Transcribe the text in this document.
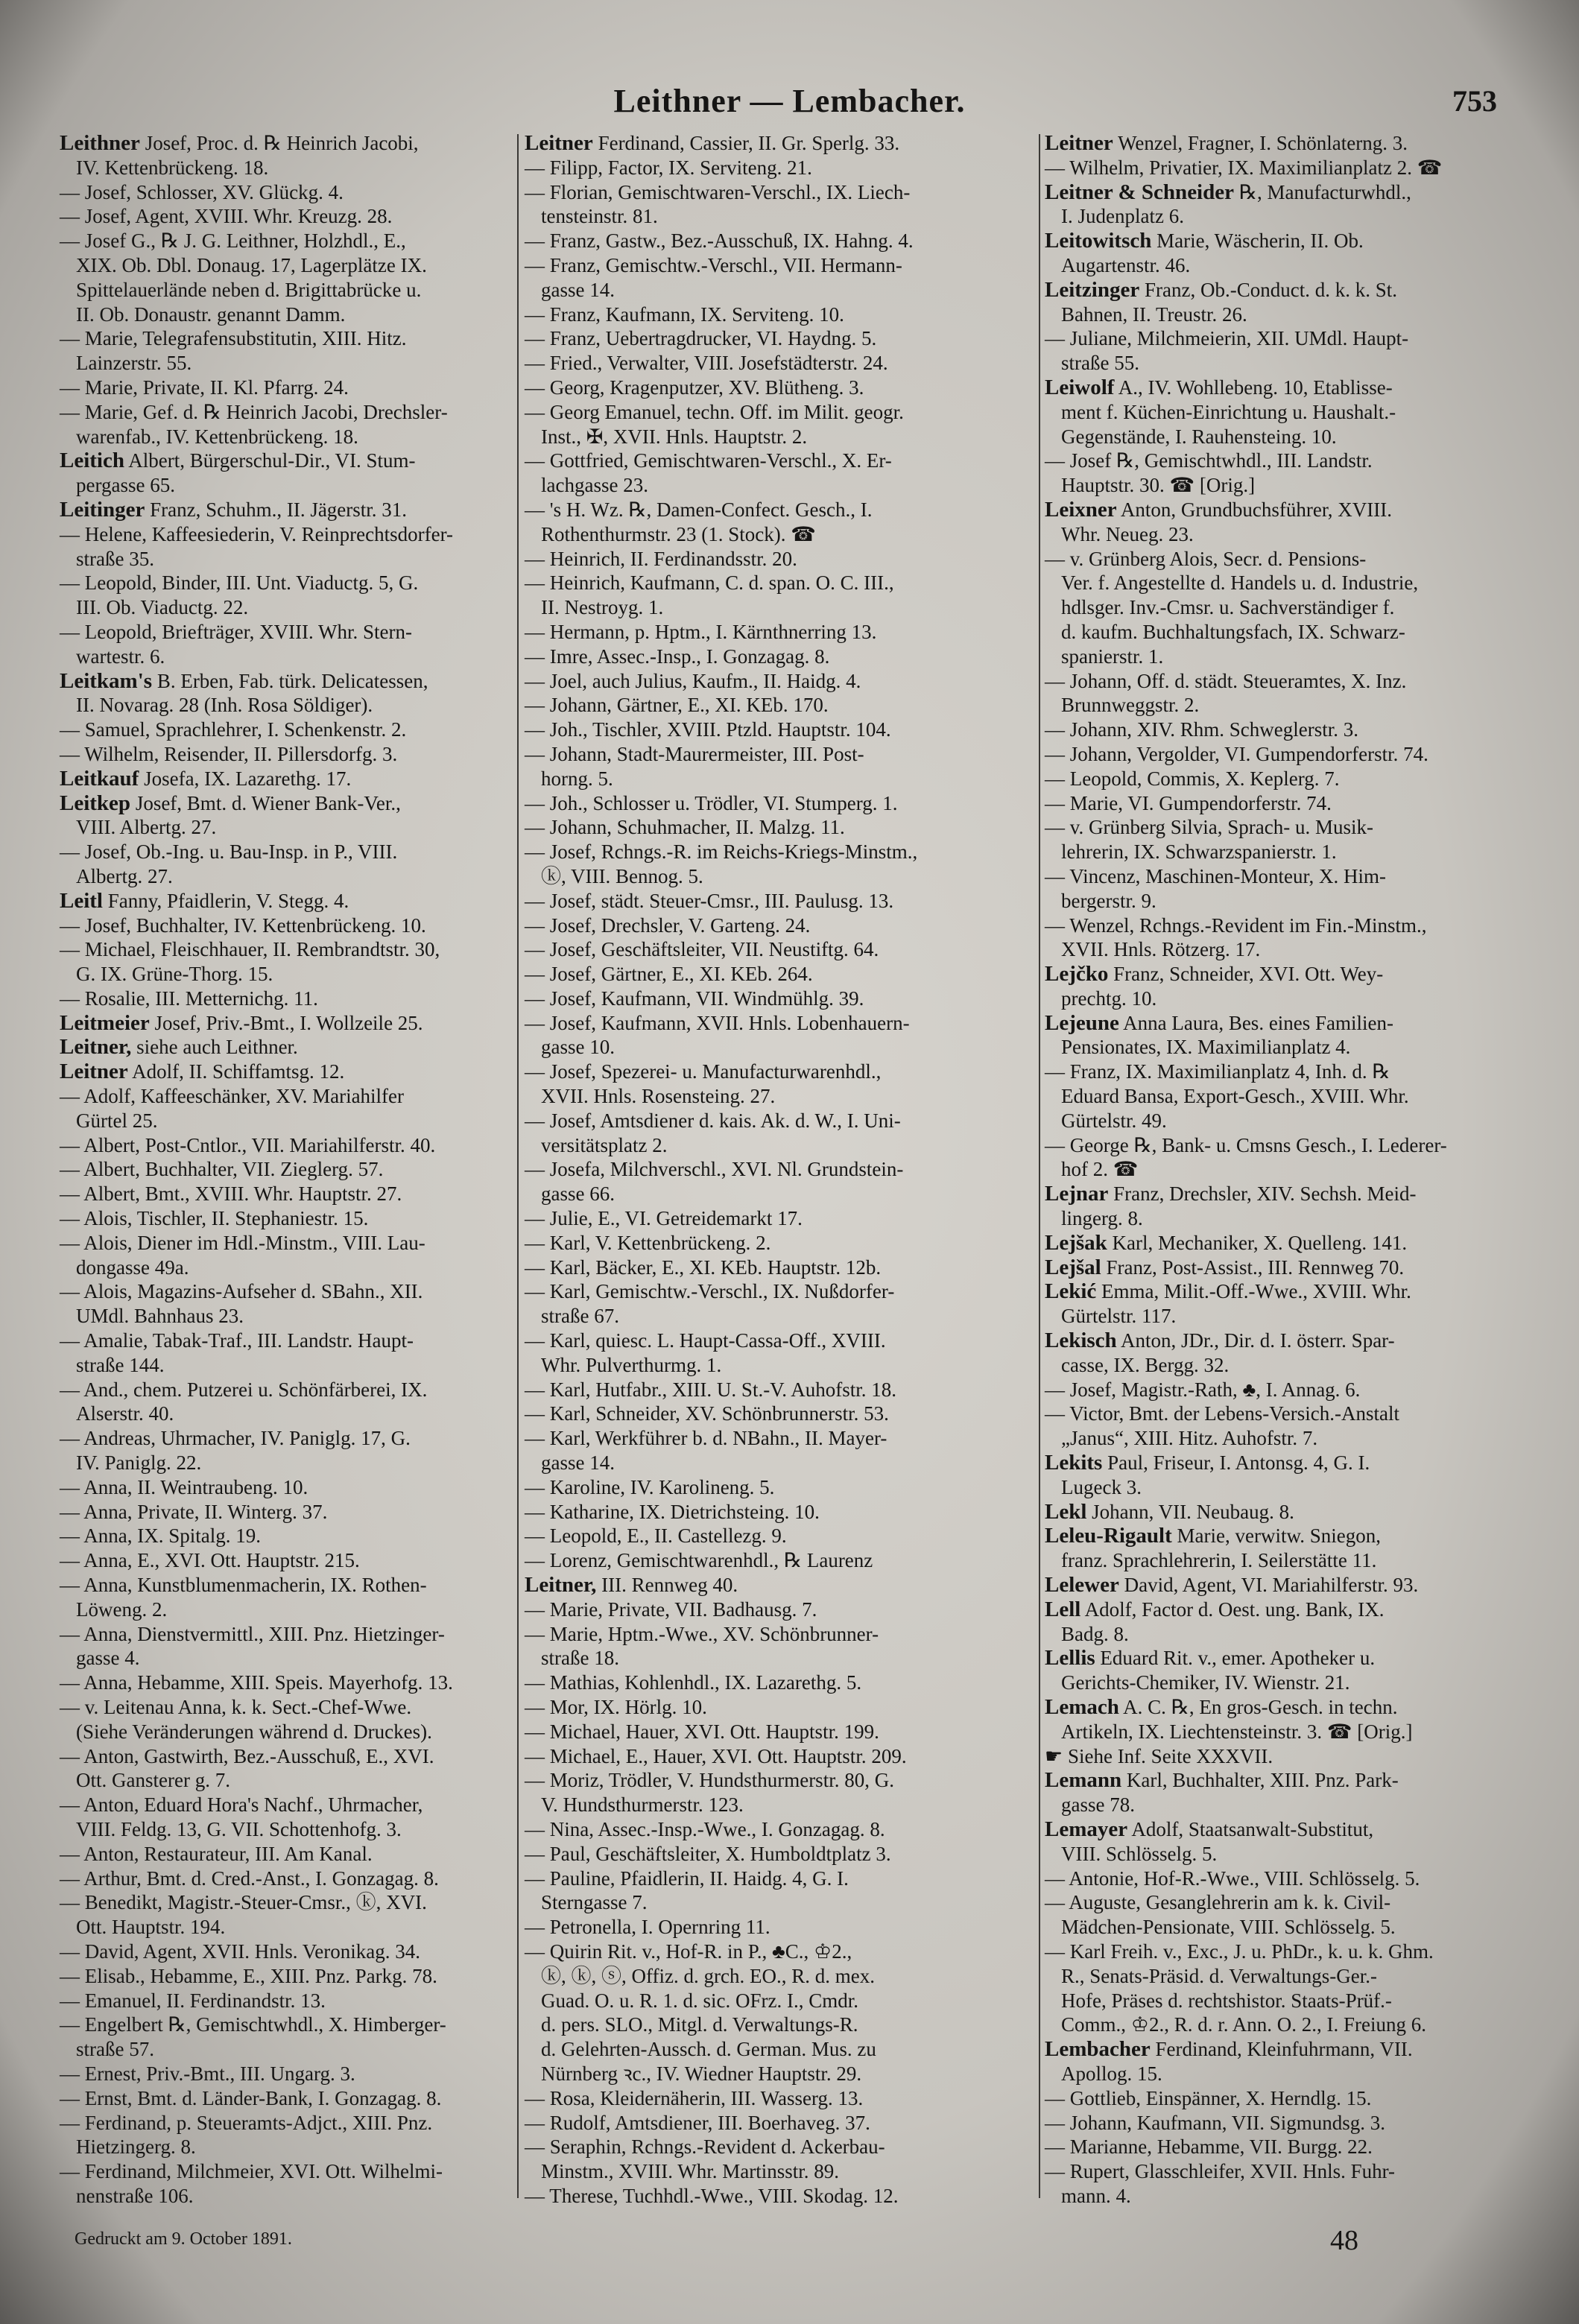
Leithner — Lembacher.	753
Leithner Josef, Proc. d. ℞ Heinrich Jacobi,
IV. Kettenbrückeng. 18.
— Josef, Schlosser, XV. Glückg. 4.
— Josef, Agent, XVIII. Whr. Kreuzg. 28.
— Josef G., ℞ J. G. Leithner, Holzhdl., E.,
XIX. Ob. Dbl. Donaug. 17, Lagerplätze IX.
Spittelauerlände neben d. Brigittabrücke u.
II. Ob. Donaustr. genannt Damm.
— Marie, Telegrafensubstitutin, XIII. Hitz.
Lainzerstr. 55.
— Marie, Private, II. Kl. Pfarrg. 24.
— Marie, Gef. d. ℞ Heinrich Jacobi, Drechsler-
warenfab., IV. Kettenbrückeng. 18.
Leitich Albert, Bürgerschul-Dir., VI. Stum-
pergasse 65.
Leitinger Franz, Schuhm., II. Jägerstr. 31.
— Helene, Kaffeesiederin, V. Reinprechtsdorfer-
straße 35.
— Leopold, Binder, III. Unt. Viaductg. 5, G.
III. Ob. Viaductg. 22.
— Leopold, Briefträger, XVIII. Whr. Stern-
wartestr. 6.
Leitkam's B. Erben, Fab. türk. Delicatessen,
II. Novarag. 28 (Inh. Rosa Söldiger).
— Samuel, Sprachlehrer, I. Schenkenstr. 2.
— Wilhelm, Reisender, II. Pillersdorfg. 3.
Leitkauf Josefa, IX. Lazarethg. 17.
Leitkep Josef, Bmt. d. Wiener Bank-Ver.,
VIII. Albertg. 27.
— Josef, Ob.-Ing. u. Bau-Insp. in P., VIII.
Albertg. 27.
Leitl Fanny, Pfaidlerin, V. Stegg. 4.
— Josef, Buchhalter, IV. Kettenbrückeng. 10.
— Michael, Fleischhauer, II. Rembrandtstr. 30,
G. IX. Grüne-Thorg. 15.
— Rosalie, III. Metternichg. 11.
Leitmeier Josef, Priv.-Bmt., I. Wollzeile 25.
Leitner, siehe auch Leithner.
Leitner Adolf, II. Schiffamtsg. 12.
— Adolf, Kaffeeschänker, XV. Mariahilfer
Gürtel 25.
— Albert, Post-Cntlor., VII. Mariahilferstr. 40.
— Albert, Buchhalter, VII. Zieglerg. 57.
— Albert, Bmt., XVIII. Whr. Hauptstr. 27.
— Alois, Tischler, II. Stephaniestr. 15.
— Alois, Diener im Hdl.-Minstm., VIII. Lau-
dongasse 49a.
— Alois, Magazins-Aufseher d. SBahn., XII.
UMdl. Bahnhaus 23.
— Amalie, Tabak-Traf., III. Landstr. Haupt-
straße 144.
— And., chem. Putzerei u. Schönfärberei, IX.
Alserstr. 40.
— Andreas, Uhrmacher, IV. Paniglg. 17, G.
IV. Paniglg. 22.
— Anna, II. Weintraubeng. 10.
— Anna, Private, II. Winterg. 37.
— Anna, IX. Spitalg. 19.
— Anna, E., XVI. Ott. Hauptstr. 215.
— Anna, Kunstblumenmacherin, IX. Rothen-
Löweng. 2.
— Anna, Dienstvermittl., XIII. Pnz. Hietzinger-
gasse 4.
— Anna, Hebamme, XIII. Speis. Mayerhofg. 13.
— v. Leitenau Anna, k. k. Sect.-Chef-Wwe.
(Siehe Veränderungen während d. Druckes).
— Anton, Gastwirth, Bez.-Ausschuß, E., XVI.
Ott. Gansterer g. 7.
— Anton, Eduard Hora's Nachf., Uhrmacher,
VIII. Feldg. 13, G. VII. Schottenhofg. 3.
— Anton, Restaurateur, III. Am Kanal.
— Arthur, Bmt. d. Cred.-Anst., I. Gonzagag. 8.
— Benedikt, Magistr.-Steuer-Cmsr., ⓚ, XVI.
Ott. Hauptstr. 194.
— David, Agent, XVII. Hnls. Veronikag. 34.
— Elisab., Hebamme, E., XIII. Pnz. Parkg. 78.
— Emanuel, II. Ferdinandstr. 13.
— Engelbert ℞, Gemischtwhdl., X. Himberger-
straße 57.
— Ernest, Priv.-Bmt., III. Ungarg. 3.
— Ernst, Bmt. d. Länder-Bank, I. Gonzagag. 8.
— Ferdinand, p. Steueramts-Adjct., XIII. Pnz.
Hietzingerg. 8.
— Ferdinand, Milchmeier, XVI. Ott. Wilhelmi-
nenstraße 106.
Leitner Ferdinand, Cassier, II. Gr. Sperlg. 33.
— Filipp, Factor, IX. Serviteng. 21.
— Florian, Gemischtwaren-Verschl., IX. Liech-
tensteinstr. 81.
— Franz, Gastw., Bez.-Ausschuß, IX. Hahng. 4.
— Franz, Gemischtw.-Verschl., VII. Hermann-
gasse 14.
— Franz, Kaufmann, IX. Serviteng. 10.
— Franz, Uebertragdrucker, VI. Haydng. 5.
— Fried., Verwalter, VIII. Josefstädterstr. 24.
— Georg, Kragenputzer, XV. Blütheng. 3.
— Georg Emanuel, techn. Off. im Milit. geogr.
Inst., ✠, XVII. Hnls. Hauptstr. 2.
— Gottfried, Gemischtwaren-Verschl., X. Er-
lachgasse 23.
— 's H. Wz. ℞, Damen-Confect. Gesch., I.
Rothenthurmstr. 23 (1. Stock). ☎
— Heinrich, II. Ferdinandsstr. 20.
— Heinrich, Kaufmann, C. d. span. O. C. III.,
II. Nestroyg. 1.
— Hermann, p. Hptm., I. Kärnthnerring 13.
— Imre, Assec.-Insp., I. Gonzagag. 8.
— Joel, auch Julius, Kaufm., II. Haidg. 4.
— Johann, Gärtner, E., XI. KEb. 170.
— Joh., Tischler, XVIII. Ptzld. Hauptstr. 104.
— Johann, Stadt-Maurermeister, III. Post-
horng. 5.
— Joh., Schlosser u. Trödler, VI. Stumperg. 1.
— Johann, Schuhmacher, II. Malzg. 11.
— Josef, Rchngs.-R. im Reichs-Kriegs-Minstm.,
ⓚ, VIII. Bennog. 5.
— Josef, städt. Steuer-Cmsr., III. Paulusg. 13.
— Josef, Drechsler, V. Garteng. 24.
— Josef, Geschäftsleiter, VII. Neustiftg. 64.
— Josef, Gärtner, E., XI. KEb. 264.
— Josef, Kaufmann, VII. Windmühlg. 39.
— Josef, Kaufmann, XVII. Hnls. Lobenhauern-
gasse 10.
— Josef, Spezerei- u. Manufacturwarenhdl.,
XVII. Hnls. Rosensteing. 27.
— Josef, Amtsdiener d. kais. Ak. d. W., I. Uni-
versitätsplatz 2.
— Josefa, Milchverschl., XVI. Nl. Grundstein-
gasse 66.
— Julie, E., VI. Getreidemarkt 17.
— Karl, V. Kettenbrückeng. 2.
— Karl, Bäcker, E., XI. KEb. Hauptstr. 12b.
— Karl, Gemischtw.-Verschl., IX. Nußdorfer-
straße 67.
— Karl, quiesc. L. Haupt-Cassa-Off., XVIII.
Whr. Pulverthurmg. 1.
— Karl, Hutfabr., XIII. U. St.-V. Auhofstr. 18.
— Karl, Schneider, XV. Schönbrunnerstr. 53.
— Karl, Werkführer b. d. NBahn., II. Mayer-
gasse 14.
— Karoline, IV. Karolineng. 5.
— Katharine, IX. Dietrichsteing. 10.
— Leopold, E., II. Castellezg. 9.
— Lorenz, Gemischtwarenhdl., ℞ Laurenz
Leitner, III. Rennweg 40.
— Marie, Private, VII. Badhausg. 7.
— Marie, Hptm.-Wwe., XV. Schönbrunner-
straße 18.
— Mathias, Kohlenhdl., IX. Lazarethg. 5.
— Mor, IX. Hörlg. 10.
— Michael, Hauer, XVI. Ott. Hauptstr. 199.
— Michael, E., Hauer, XVI. Ott. Hauptstr. 209.
— Moriz, Trödler, V. Hundsthurmerstr. 80, G.
V. Hundsthurmerstr. 123.
— Nina, Assec.-Insp.-Wwe., I. Gonzagag. 8.
— Paul, Geschäftsleiter, X. Humboldtplatz 3.
— Pauline, Pfaidlerin, II. Haidg. 4, G. I.
Sterngasse 7.
— Petronella, I. Opernring 11.
— Quirin Rit. v., Hof-R. in P., ♣C., ♔2.,
ⓚ, ⓚ, ⓢ, Offiz. d. grch. EO., R. d. mex.
Guad. O. u. R. 1. d. sic. OFrz. I., Cmdr.
d. pers. SLO., Mitgl. d. Verwaltungs-R.
d. Gelehrten-Aussch. d. German. Mus. zu
Nürnberg ꝛc., IV. Wiedner Hauptstr. 29.
— Rosa, Kleidernäherin, III. Wasserg. 13.
— Rudolf, Amtsdiener, III. Boerhaveg. 37.
— Seraphin, Rchngs.-Revident d. Ackerbau-
Minstm., XVIII. Whr. Martinsstr. 89.
— Therese, Tuchhdl.-Wwe., VIII. Skodag. 12.
Leitner Wenzel, Fragner, I. Schönlaterng. 3.
— Wilhelm, Privatier, IX. Maximilianplatz 2. ☎
Leitner & Schneider ℞, Manufacturwhdl.,
I. Judenplatz 6.
Leitowitsch Marie, Wäscherin, II. Ob.
Augartenstr. 46.
Leitzinger Franz, Ob.-Conduct. d. k. k. St.
Bahnen, II. Treustr. 26.
— Juliane, Milchmeierin, XII. UMdl. Haupt-
straße 55.
Leiwolf A., IV. Wohllebeng. 10, Etablisse-
ment f. Küchen-Einrichtung u. Haushalt.-
Gegenstände, I. Rauhensteing. 10.
— Josef ℞, Gemischtwhdl., III. Landstr.
Hauptstr. 30. ☎ [Orig.]
Leixner Anton, Grundbuchsführer, XVIII.
Whr. Neueg. 23.
— v. Grünberg Alois, Secr. d. Pensions-
Ver. f. Angestellte d. Handels u. d. Industrie,
hdlsger. Inv.-Cmsr. u. Sachverständiger f.
d. kaufm. Buchhaltungsfach, IX. Schwarz-
spanierstr. 1.
— Johann, Off. d. städt. Steueramtes, X. Inz.
Brunnweggstr. 2.
— Johann, XIV. Rhm. Schweglerstr. 3.
— Johann, Vergolder, VI. Gumpendorferstr. 74.
— Leopold, Commis, X. Keplerg. 7.
— Marie, VI. Gumpendorferstr. 74.
— v. Grünberg Silvia, Sprach- u. Musik-
lehrerin, IX. Schwarzspanierstr. 1.
— Vincenz, Maschinen-Monteur, X. Him-
bergerstr. 9.
— Wenzel, Rchngs.-Revident im Fin.-Minstm.,
XVII. Hnls. Rötzerg. 17.
Lejčko Franz, Schneider, XVI. Ott. Wey-
prechtg. 10.
Lejeune Anna Laura, Bes. eines Familien-
Pensionates, IX. Maximilianplatz 4.
— Franz, IX. Maximilianplatz 4, Inh. d. ℞
Eduard Bansa, Export-Gesch., XVIII. Whr.
Gürtelstr. 49.
— George ℞, Bank- u. Cmsns Gesch., I. Lederer-
hof 2. ☎
Lejnar Franz, Drechsler, XIV. Sechsh. Meid-
lingerg. 8.
Lejšak Karl, Mechaniker, X. Quelleng. 141.
Lejšal Franz, Post-Assist., III. Rennweg 70.
Lekić Emma, Milit.-Off.-Wwe., XVIII. Whr.
Gürtelstr. 117.
Lekisch Anton, JDr., Dir. d. I. österr. Spar-
casse, IX. Bergg. 32.
— Josef, Magistr.-Rath, ♣, I. Annag. 6.
— Victor, Bmt. der Lebens-Versich.-Anstalt
„Janus“, XIII. Hitz. Auhofstr. 7.
Lekits Paul, Friseur, I. Antonsg. 4, G. I.
Lugeck 3.
Lekl Johann, VII. Neubaug. 8.
Leleu-Rigault Marie, verwitw. Sniegon,
franz. Sprachlehrerin, I. Seilerstätte 11.
Lelewer David, Agent, VI. Mariahilferstr. 93.
Lell Adolf, Factor d. Oest. ung. Bank, IX.
Badg. 8.
Lellis Eduard Rit. v., emer. Apotheker u.
Gerichts-Chemiker, IV. Wienstr. 21.
Lemach A. C. ℞, En gros-Gesch. in techn.
Artikeln, IX. Liechtensteinstr. 3. ☎ [Orig.]
☛ Siehe Inf. Seite XXXVII.
Lemann Karl, Buchhalter, XIII. Pnz. Park-
gasse 78.
Lemayer Adolf, Staatsanwalt-Substitut,
VIII. Schlösselg. 5.
— Antonie, Hof-R.-Wwe., VIII. Schlösselg. 5.
— Auguste, Gesanglehrerin am k. k. Civil-
Mädchen-Pensionate, VIII. Schlösselg. 5.
— Karl Freih. v., Exc., J. u. PhDr., k. u. k. Ghm.
R., Senats-Präsid. d. Verwaltungs-Ger.-
Hofe, Präses d. rechtshistor. Staats-Prüf.-
Comm., ♔2., R. d. r. Ann. O. 2., I. Freiung 6.
Lembacher Ferdinand, Kleinfuhrmann, VII.
Apollog. 15.
— Gottlieb, Einspänner, X. Herndlg. 15.
— Johann, Kaufmann, VII. Sigmundsg. 3.
— Marianne, Hebamme, VII. Burgg. 22.
— Rupert, Glasschleifer, XVII. Hnls. Fuhr-
mann. 4.
Gedruckt am 9. October 1891.	48
